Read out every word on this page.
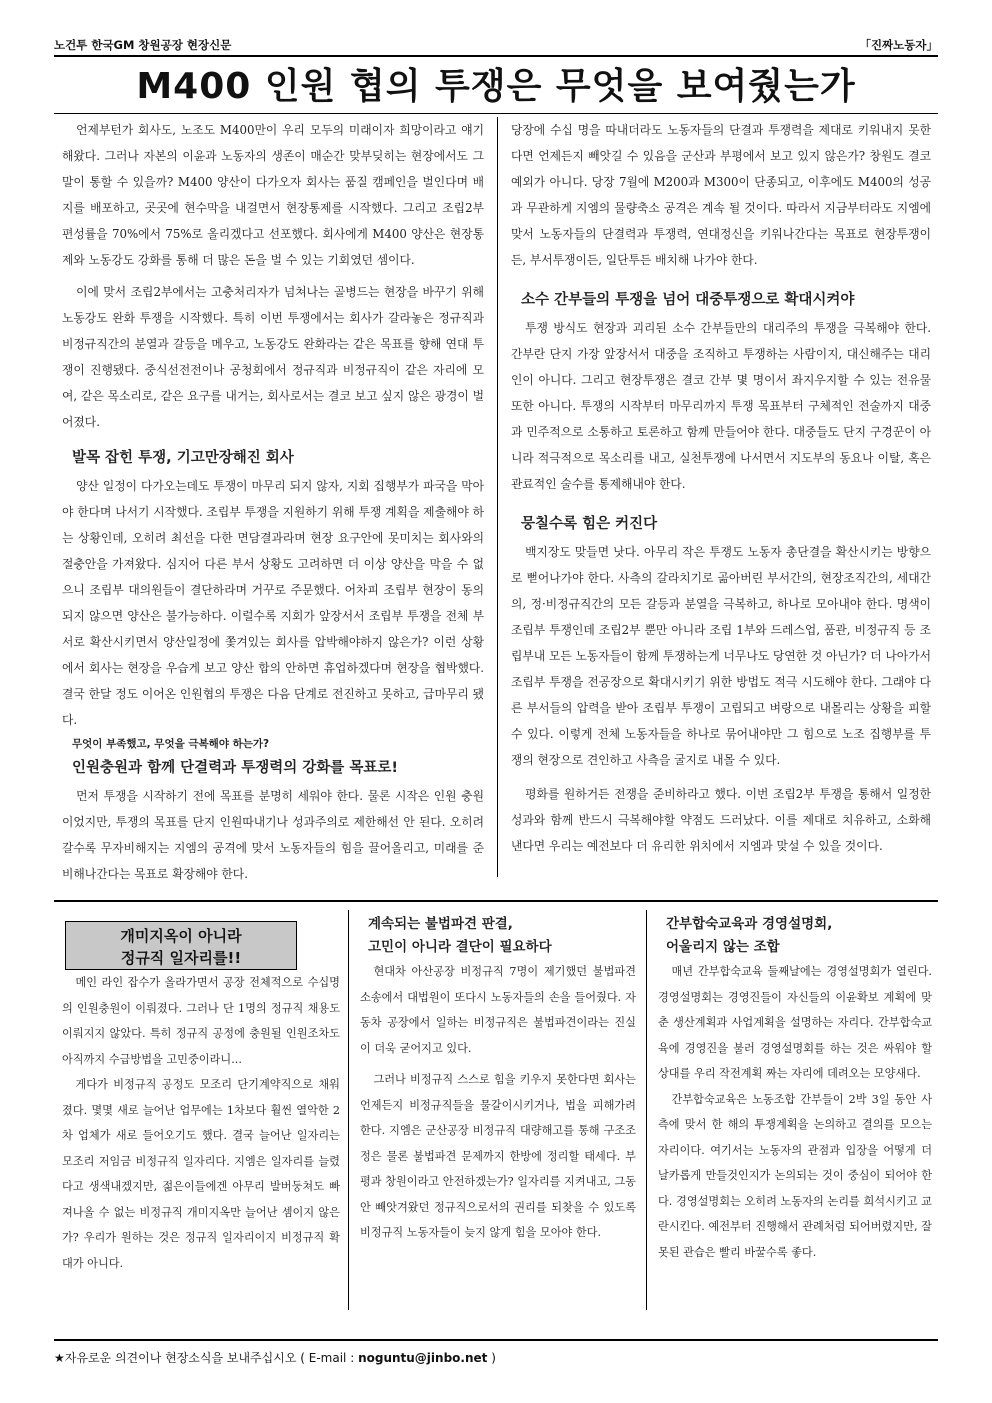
노건투 한국GM 창원공장 현장신문	「진짜노동자」
M400 인원 협의 투쟁은 무엇을 보여줬는가

언제부턴가 회사도, 노조도 M400만이 우리 모두의 미래이자 희망이라고 얘기해왔다. 그러나 자본의 이윤과 노동자의 생존이 매순간 맞부딪히는 현장에서도 그 말이 통할 수 있을까? M400 양산이 다가오자 회사는 품질 캠페인을 벌인다며 배지를 배포하고, 곳곳에 현수막을 내걸면서 현장통제를 시작했다. 그리고 조립2부 편성률을 70%에서 75%로 올리겠다고 선포했다. 회사에게 M400 양산은 현장통제와 노동강도 강화를 통해 더 많은 돈을 벌 수 있는 기회였던 셈이다.

이에 맞서 조립2부에서는 고충처리자가 넘쳐나는 골병드는 현장을 바꾸기 위해 노동강도 완화 투쟁을 시작했다. 특히 이번 투쟁에서는 회사가 갈라놓은 정규직과 비정규직간의 분열과 갈등을 메우고, 노동강도 완화라는 같은 목표를 향해 연대 투쟁이 진행됐다. 중식선전전이나 공청회에서 정규직과 비정규직이 같은 자리에 모여, 같은 목소리로, 같은 요구를 내거는, 회사로서는 결코 보고 싶지 않은 광경이 벌어졌다.

발목 잡힌 투쟁, 기고만장해진 회사

양산 일정이 다가오는데도 투쟁이 마무리 되지 않자, 지회 집행부가 파국을 막아야 한다며 나서기 시작했다. 조립부 투쟁을 지원하기 위해 투쟁 계획을 제출해야 하는 상황인데, 오히려 최선을 다한 면담결과라며 현장 요구안에 못미치는 회사와의 절충안을 가져왔다. 심지어 다른 부서 상황도 고려하면 더 이상 양산을 막을 수 없으니 조립부 대의원들이 결단하라며 거꾸로 주문했다. 어차피 조립부 현장이 동의되지 않으면 양산은 불가능하다. 이럴수록 지회가 앞장서서 조립부 투쟁을 전체 부서로 확산시키면서 양산일정에 쫓겨있는 회사를 압박해야하지 않은가? 이런 상황에서 회사는 현장을 우습게 보고 양산 합의 안하면 휴업하겠다며 현장을 협박했다. 결국 한달 정도 이어온 인원협의 투쟁은 다음 단계로 전진하고 못하고, 급마무리 됐다.

무엇이 부족했고, 무엇을 극복해야 하는가?
인원충원과 함께 단결력과 투쟁력의 강화를 목표로!

먼저 투쟁을 시작하기 전에 목표를 분명히 세워야 한다. 물론 시작은 인원 충원이었지만, 투쟁의 목표를 단지 인원따내기나 성과주의로 제한해선 안 된다. 오히려 갈수록 무자비해지는 지엠의 공격에 맞서 노동자들의 힘을 끌어올리고, 미래를 준비해나간다는 목표로 확장해야 한다.

당장에 수십 명을 따내더라도 노동자들의 단결과 투쟁력을 제대로 키워내지 못한다면 언제든지 빼앗길 수 있음을 군산과 부평에서 보고 있지 않은가? 창원도 결코 예외가 아니다. 당장 7월에 M200과 M300이 단종되고, 이후에도 M400의 성공과 무관하게 지엠의 물량축소 공격은 계속 될 것이다. 따라서 지금부터라도 지엠에 맞서 노동자들의 단결력과 투쟁력, 연대정신을 키워나간다는 목표로 현장투쟁이든, 부서투쟁이든, 일단투든 배치해 나가야 한다.

소수 간부들의 투쟁을 넘어 대중투쟁으로 확대시켜야

투쟁 방식도 현장과 괴리된 소수 간부들만의 대리주의 투쟁을 극복해야 한다. 간부란 단지 가장 앞장서서 대중을 조직하고 투쟁하는 사람이지, 대신해주는 대리인이 아니다. 그리고 현장투쟁은 결코 간부 몇 명이서 좌지우지할 수 있는 전유물 또한 아니다. 투쟁의 시작부터 마무리까지 투쟁 목표부터 구체적인 전술까지 대중과 민주적으로 소통하고 토론하고 함께 만들어야 한다. 대중들도 단지 구경꾼이 아니라 적극적으로 목소리를 내고, 실천투쟁에 나서면서 지도부의 동요나 이탈, 혹은 관료적인 술수를 통제해내야 한다.

뭉칠수록 힘은 커진다

백지장도 맞들면 낫다. 아무리 작은 투쟁도 노동자 총단결을 확산시키는 방향으로 뻗어나가야 한다. 사측의 갈라치기로 곪아버린 부서간의, 현장조직간의, 세대간의, 정·비정규직간의 모든 갈등과 분열을 극복하고, 하나로 모아내야 한다. 명색이 조립부 투쟁인데 조립2부 뿐만 아니라 조립 1부와 드레스업, 품관, 비정규직 등 조립부내 모든 노동자들이 함께 투쟁하는게 너무나도 당연한 것 아닌가? 더 나아가서 조립부 투쟁을 전공장으로 확대시키기 위한 방법도 적극 시도해야 한다. 그래야 다른 부서들의 압력을 받아 조립부 투쟁이 고립되고 벼랑으로 내몰리는 상황을 피할 수 있다. 이렇게 전체 노동자들을 하나로 묶어내야만 그 힘으로 노조 집행부를 투쟁의 현장으로 견인하고 사측을 굴지로 내몰 수 있다.

평화를 원하거든 전쟁을 준비하라고 했다. 이번 조립2부 투쟁을 통해서 일정한 성과와 함께 반드시 극복해야할 약점도 드러났다. 이를 제대로 치유하고, 소화해 낸다면 우리는 예전보다 더 유리한 위치에서 지엠과 맞설 수 있을 것이다.

개미지옥이 아니라
정규직 일자리를!!

메인 라인 잡수가 올라가면서 공장 전체적으로 수십명의 인원충원이 이뤄졌다. 그러나 단 1명의 정규직 채용도 이뤄지지 않았다. 특히 정규직 공정에 충원될 인원조차도 아직까지 수급방법을 고민중이라니...

게다가 비정규직 공정도 모조리 단기계약직으로 채워졌다. 몇몇 새로 늘어난 업무에는 1차보다 훨씬 열악한 2차 업체가 새로 들어오기도 했다. 결국 늘어난 일자리는 모조리 저임금 비정규직 일자리다. 지엠은 일자리를 늘렸다고 생색내겠지만, 젊은이들에겐 아무리 발버둥쳐도 빠져나올 수 없는 비정규직 개미지옥만 늘어난 셈이지 않은가? 우리가 원하는 것은 정규직 일자리이지 비정규직 확대가 아니다.

계속되는 불법파견 판결,
고민이 아니라 결단이 필요하다

현대차 아산공장 비정규직 7명이 제기했던 불법파견 소송에서 대법원이 또다시 노동자들의 손을 들어줬다. 자동차 공장에서 일하는 비정규직은 불법파견이라는 진실이 더욱 굳어지고 있다.

그러나 비정규직 스스로 힘을 키우지 못한다면 회사는 언제든지 비정규직들을 물갈이시키거나, 법을 피해가려 한다. 지엠은 군산공장 비정규직 대량해고를 통해 구조조정은 물론 불법파견 문제까지 한방에 정리할 태세다. 부평과 창원이라고 안전하겠는가? 일자리를 지켜내고, 그동안 빼앗겨왔던 정규직으로서의 권리를 되찾을 수 있도록 비정규직 노동자들이 늦지 않게 힘을 모아야 한다.

간부합숙교육과 경영설명회,
어울리지 않는 조합

매년 간부합숙교육 둘째날에는 경영설명회가 열린다. 경영설명회는 경영진들이 자신들의 이윤확보 계획에 맞춘 생산계획과 사업계획을 설명하는 자리다. 간부합숙교육에 경영진을 불러 경영설명회를 하는 것은 싸워야 할 상대를 우리 작전계획 짜는 자리에 데려오는 모양새다.

간부합숙교육은 노동조합 간부들이 2박 3일 동안 사측에 맞서 한 해의 투쟁계획을 논의하고 결의를 모으는 자리이다. 여기서는 노동자의 관점과 입장을 어떻게 더 날카롭게 만들것인지가 논의되는 것이 중심이 되어야 한다. 경영설명회는 오히려 노동자의 논리를 희석시키고 교란시킨다. 예전부터 진행해서 관례처럼 되어버렸지만, 잘못된 관습은 빨리 바꿀수록 좋다.

★자유로운 의견이나 현장소식을 보내주십시오 ( E-mail : noguntu@jinbo.net )
